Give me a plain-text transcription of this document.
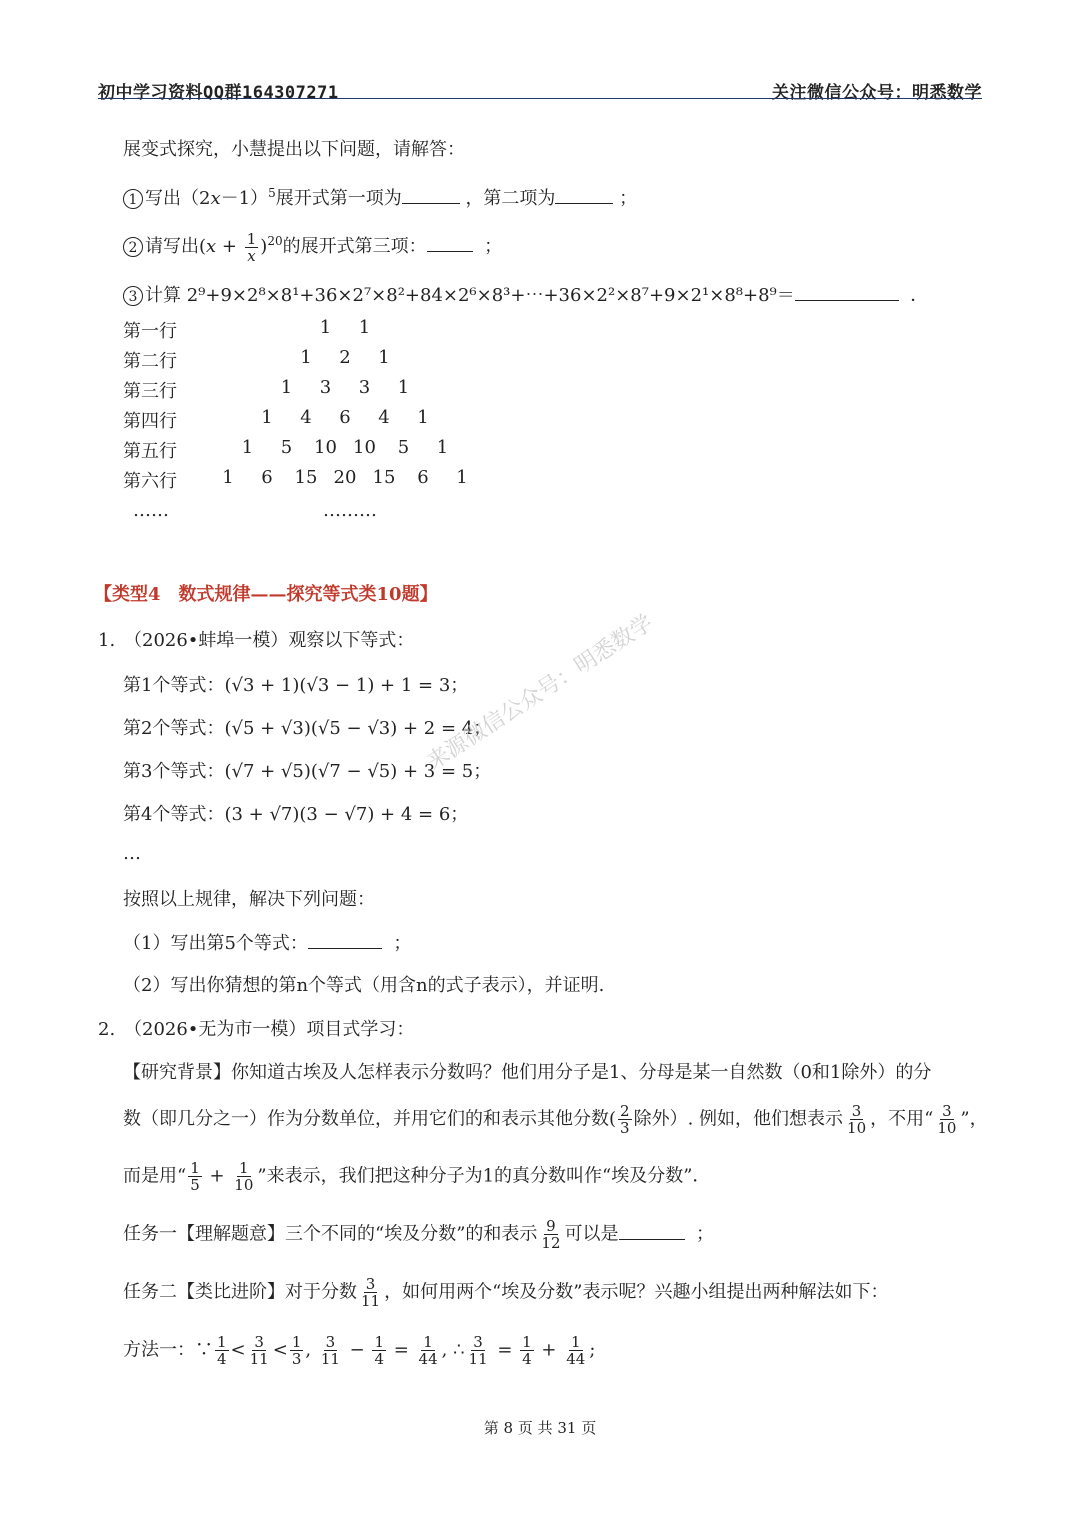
初中学习资料QQ群164307271	关注微信公众号：明悉数学
展变式探究，小慧提出以下问题，请解答：
1 写出$(2x-1)^5$展开式第一项为	，第二项为	；
2 请写出$(x + \frac{1}{x} )^{20}$的展开式第三项：	；
3 计算 2⁹+9×2⁸×8¹+36×2⁷×8²+84×2⁶×8³+⋯+36×2²×8⁷+9×2¹×8⁸+8⁹＝	．
第一行	1	1
第二行	1	2	1
第三行	1	3	3	1
第四行	1	4	6	4	1
第五行	1	5	10 10	5	1
第六行	1	6	15 20 15	6	1
……	………
【类型4　数式规律——探究等式类10题】
1. （2026•蚌埠一模）观察以下等式：
第1个等式：(√3 + 1)(√3 − 1) + 1 = 3；
第2个等式：(√5 + √3)(√5 − √3) + 2 = 4；
第3个等式：(√7 + √5)(√7 − √5) + 3 = 5；
第4个等式：(3 + √7)(3 − √7) + 4 = 6；
…
按照以上规律，解决下列问题：
（1）写出第5个等式：	；
（2）写出你猜想的第n个等式（用含n的式子表示），并证明.
2. （2026•无为市一模）项目式学习：
【研究背景】你知道古埃及人怎样表示分数吗？他们用分子是1、分母是某一自然数（0和1除外）的分
数（即几分之一）作为分数单位，并用它们的和表示其他分数( $\frac{2}{3}$ 除外）. 例如，他们想表示 $\frac{3}{10}$ ，不用“ $\frac{3}{10}$ ”，
而是用“ $\frac{1}{5} + \frac{1}{10}$ ”来表示，我们把这种分子为1的真分数叫作“埃及分数”．
任务一【理解题意】三个不同的“埃及分数”的和表示 $\frac{9}{12}$ 可以是	；
任务二【类比进阶】对于分数 $\frac{3}{11}$ ，如何用两个“埃及分数”表示呢？兴趣小组提出两种解法如下：
方法一：∵ $\frac{1}{4} < \frac{3}{11} < \frac{1}{3}$ , $\frac{3}{11} - \frac{1}{4} = \frac{1}{44}$ , ∴ $\frac{3}{11} = \frac{1}{4} + \frac{1}{44}$ ;
来源微信公众号：明悉数学
第 8 页 共 31 页
